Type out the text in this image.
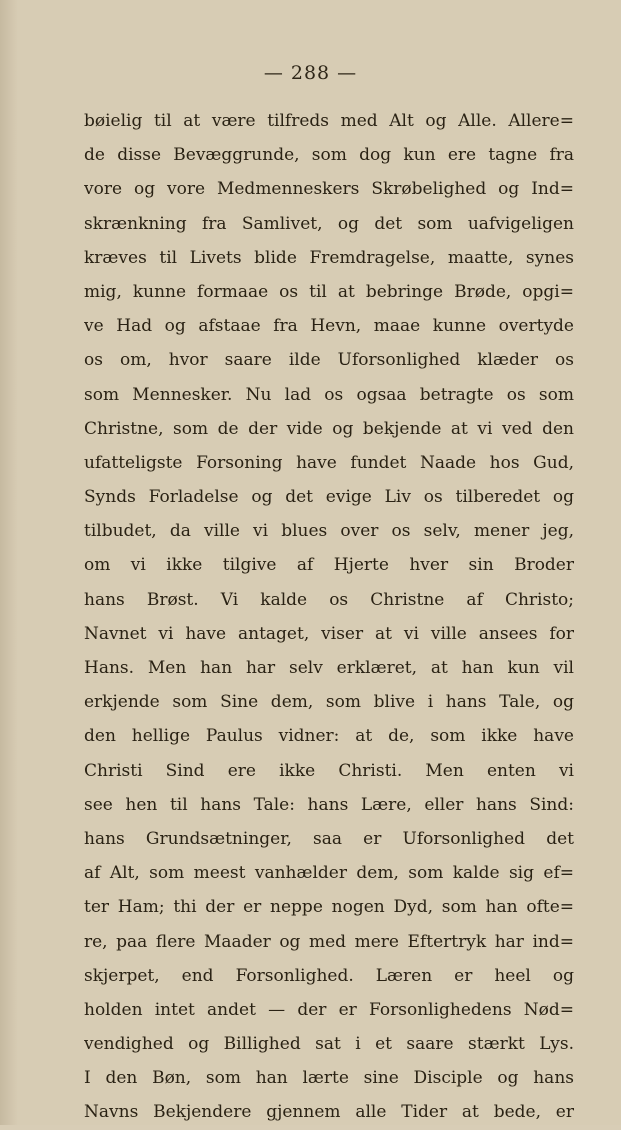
— 288 —
bøielig til at være tilfreds med Alt og Alle. Allere=
de disse Bevæggrunde, som dog kun ere tagne fra
vore og vore Medmenneskers Skrøbelighed og Ind=
skrænkning fra Samlivet, og det som uafvigeligen
kræves til Livets blide Fremdragelse, maatte, synes
mig, kunne formaae os til at bebringe Brøde, opgi=
ve Had og afstaae fra Hevn, maae kunne overtyde
os om, hvor saare ilde Uforsonlighed klæder os
som Mennesker. Nu lad os ogsaa betragte os som
Christne, som de der vide og bekjende at vi ved den
ufatteligste Forsoning have fundet Naade hos Gud,
Synds Forladelse og det evige Liv os tilberedet og
tilbudet, da ville vi blues over os selv, mener jeg,
om vi ikke tilgive af Hjerte hver sin Broder
hans Brøst. Vi kalde os Christne af Christo;
Navnet vi have antaget, viser at vi ville ansees for
Hans. Men han har selv erklæret, at han kun vil
erkjende som Sine dem, som blive i hans Tale, og
den hellige Paulus vidner: at de, som ikke have
Christi Sind ere ikke Christi. Men enten vi
see hen til hans Tale: hans Lære, eller hans Sind:
hans Grundsætninger, saa er Uforsonlighed det
af Alt, som meest vanhælder dem, som kalde sig ef=
ter Ham; thi der er neppe nogen Dyd, som han ofte=
re, paa flere Maader og med mere Eftertryk har ind=
skjerpet, end Forsonlighed. Læren er heel og
holden intet andet — der er Forsonlighedens Nød=
vendighed og Billighed sat i et saare stærkt Lys.
I den Bøn, som han lærte sine Disciple og hans
Navns Bekjendere gjennem alle Tider at bede, er
